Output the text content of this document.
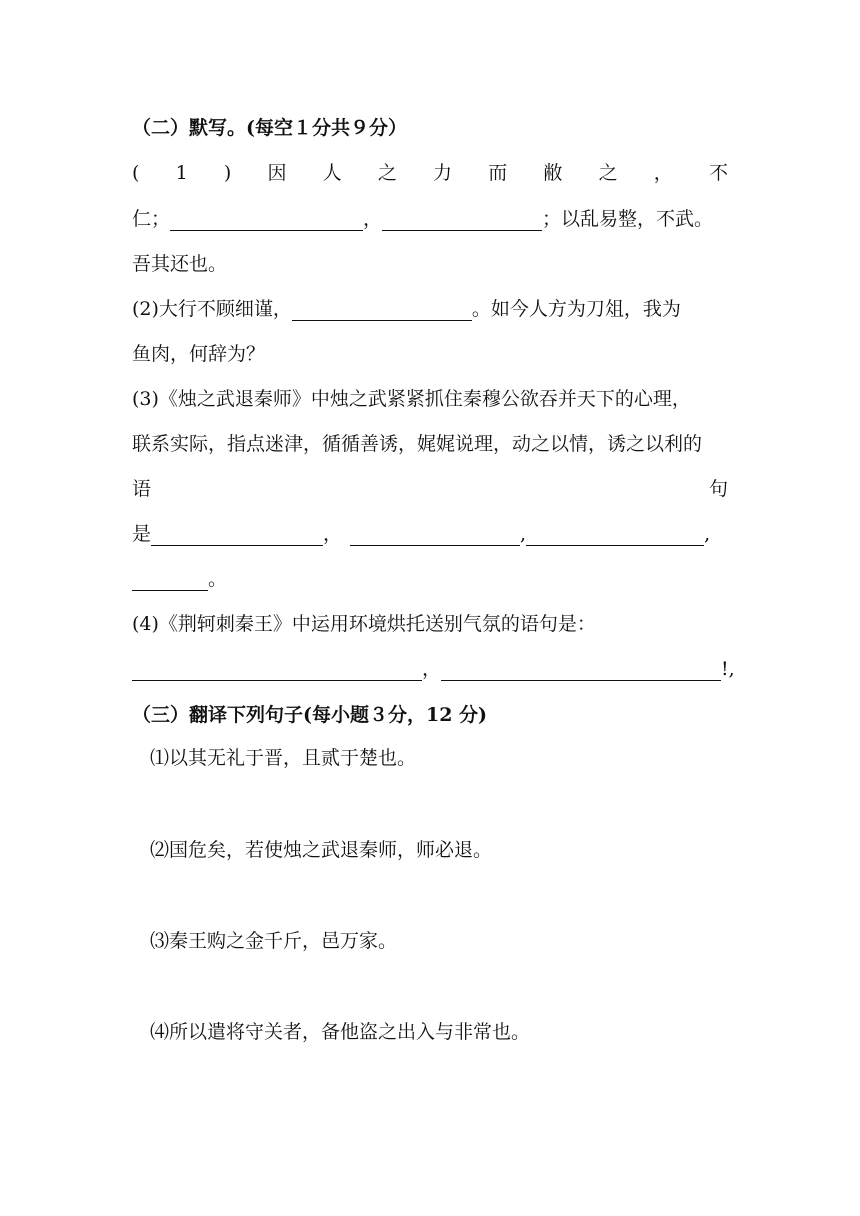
（二）默写。(每空１分共９分）
( 1 ) 因 人 之 力 而 敝 之 ， 不
仁；	，	；以乱易整，不武。
吾其还也。
(2)大行不顾细谨，	。如今人方为刀俎，我为
鱼肉，何辞为？
(3)《烛之武退秦师》中烛之武紧紧抓住秦穆公欲吞并天下的心理，
联系实际，指点迷津，循循善诱，娓娓说理，动之以情，诱之以利的
语	句
是	，	,	,
。
(4)《荆轲刺秦王》中运用环境烘托送别气氛的语句是：
，	!,
（三）翻译下列句子(每小题３分，12 分)
⑴以其无礼于晋，且贰于楚也。
⑵国危矣，若使烛之武退秦师，师必退。
⑶秦王购之金千斤，邑万家。
⑷所以遣将守关者，备他盗之出入与非常也。
